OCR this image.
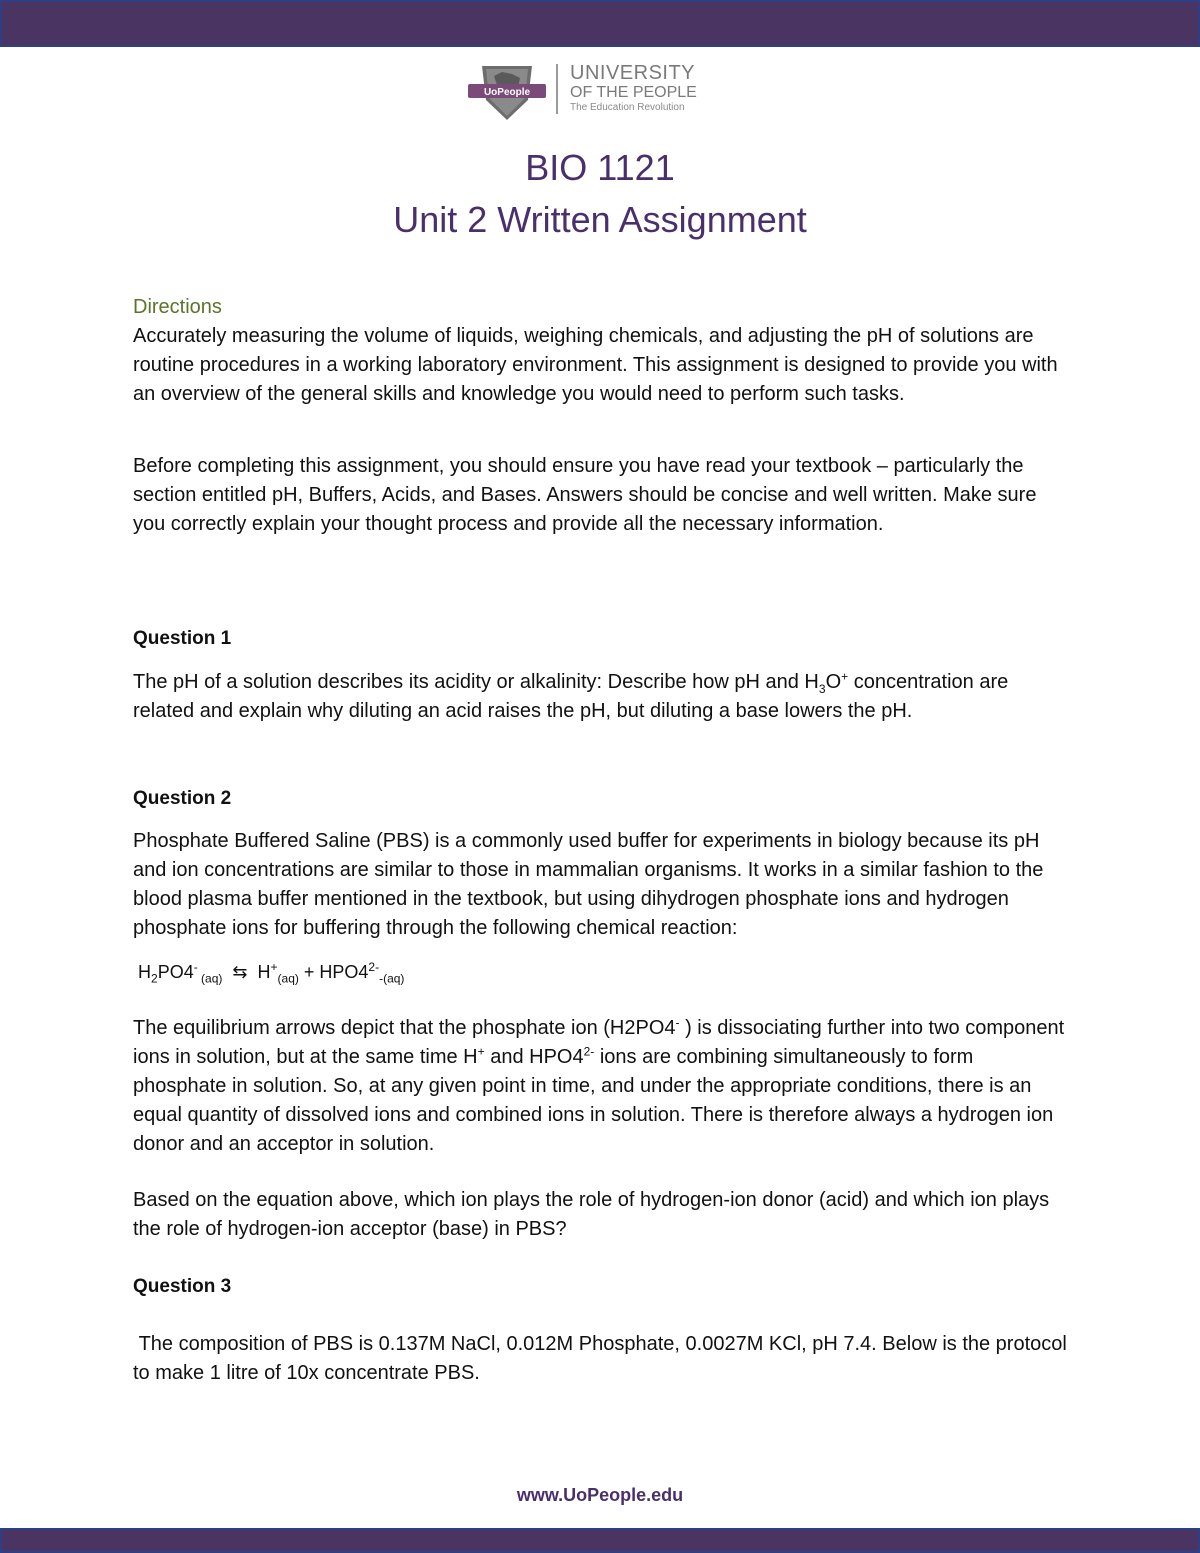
UoPeople
UNIVERSITY
OF THE PEOPLE
The Education Revolution
BIO 1121
Unit 2 Written Assignment
Directions

Accurately measuring the volume of liquids, weighing chemicals, and adjusting the pH of solutions are routine procedures in a working laboratory environment. This assignment is designed to provide you with an overview of the general skills and knowledge you would need to perform such tasks.

Before completing this assignment, you should ensure you have read your textbook – particularly the section entitled pH, Buffers, Acids, and Bases. Answers should be concise and well written. Make sure you correctly explain your thought process and provide all the necessary information.

Question 1

The pH of a solution describes its acidity or alkalinity: Describe how pH and $H_3O^+$ concentration are related and explain why diluting an acid raises the pH, but diluting a base lowers the pH.

Question 2

Phosphate Buffered Saline (PBS) is a commonly used buffer for experiments in biology because its pH and ion concentrations are similar to those in mammalian organisms. It works in a similar fashion to the blood plasma buffer mentioned in the textbook, but using dihydrogen phosphate ions and hydrogen phosphate ions for buffering through the following chemical reaction:

$H_2PO4^-$ $_{(aq)}$ ⇆ $H^+_{(aq)} + HPO4^{2-}_{-(aq)}$

The equilibrium arrows depict that the phosphate ion (H2PO4- ) is dissociating further into two component ions in solution, but at the same time H+ and $HPO4^{2-}$ ions are combining simultaneously to form phosphate in solution. So, at any given point in time, and under the appropriate conditions, there is an equal quantity of dissolved ions and combined ions in solution. There is therefore always a hydrogen ion donor and an acceptor in solution.

Based on the equation above, which ion plays the role of hydrogen-ion donor (acid) and which ion plays the role of hydrogen-ion acceptor (base) in PBS?

Question 3

The composition of PBS is 0.137M NaCl, 0.012M Phosphate, 0.0027M KCl, pH 7.4. Below is the protocol to make 1 litre of 10x concentrate PBS.

www.UoPeople.edu
